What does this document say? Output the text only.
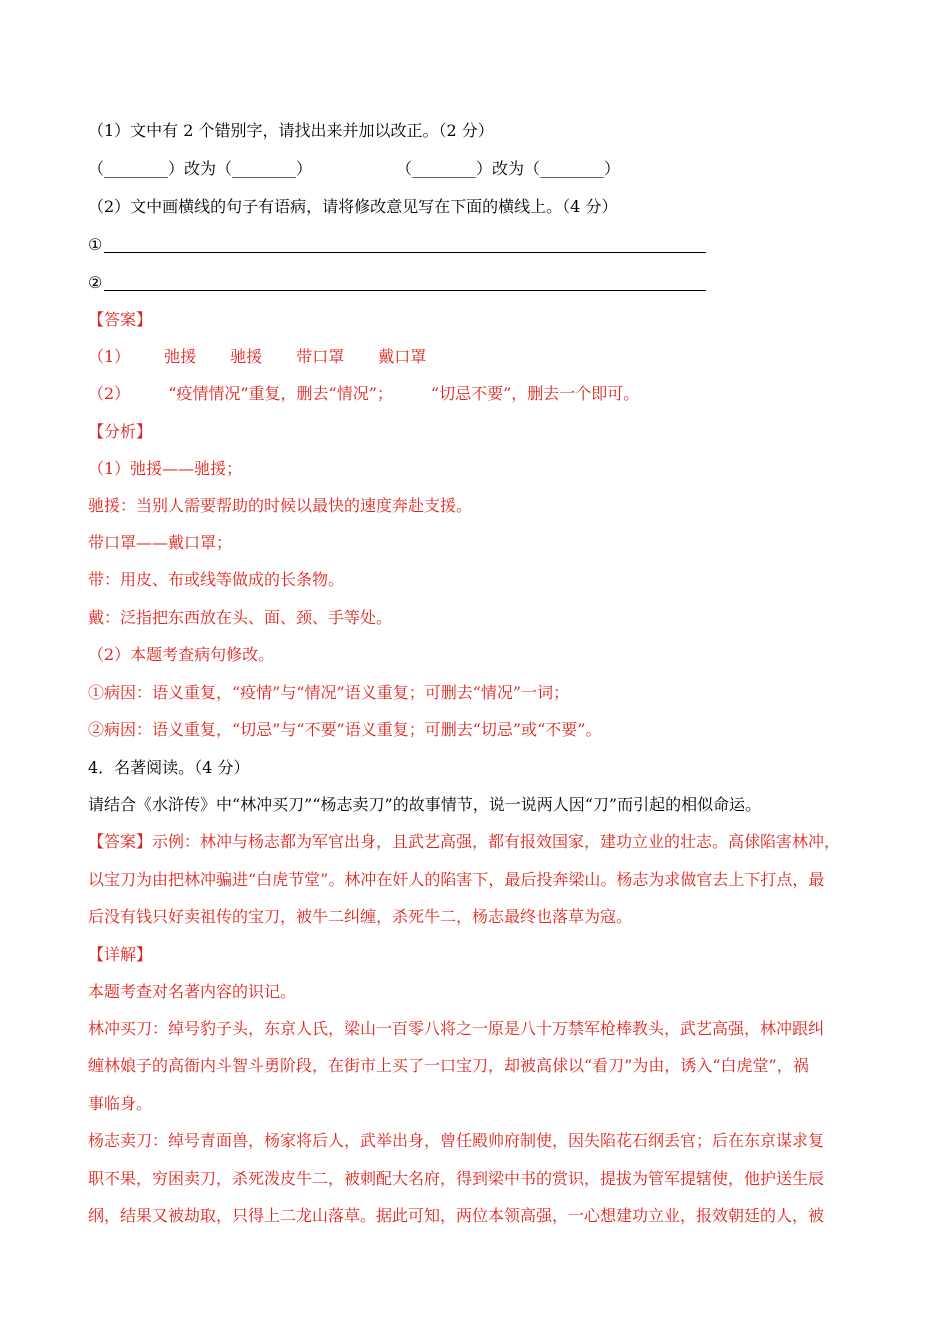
（1）文中有 2 个错别字，请找出来并加以改正。（2 分）

（________）改为（________）	（________）改为（________）

（2）文中画横线的句子有语病，请将修改意见写在下面的横线上。（4 分）

①

②

【答案】

（1） 弛援 驰援 带口罩 戴口罩

（2） “疫情情况”重复，删去“情况”； “切忌不要”，删去一个即可。

【分析】

（1）弛援——驰援；

驰援：当别人需要帮助的时候以最快的速度奔赴支援。

带口罩——戴口罩；

带：用皮、布或线等做成的长条物。

戴：泛指把东西放在头、面、颈、手等处。

（2）本题考查病句修改。

①病因：语义重复，“疫情”与“情况”语义重复；可删去“情况”一词；

②病因：语义重复，“切忌”与“不要”语义重复；可删去“切忌”或“不要”。

4．名著阅读。（4 分）

请结合《水浒传》中“林冲买刀”“杨志卖刀”的故事情节，说一说两人因“刀”而引起的相似命运。

【答案】示例：林冲与杨志都为军官出身，且武艺高强，都有报效国家，建功立业的壮志。高俅陷害林冲，

以宝刀为由把林冲骗进“白虎节堂”。林冲在奸人的陷害下，最后投奔梁山。杨志为求做官去上下打点，最

后没有钱只好卖祖传的宝刀，被牛二纠缠，杀死牛二，杨志最终也落草为寇。

【详解】

本题考查对名著内容的识记。

林冲买刀：绰号豹子头，东京人氏，梁山一百零八将之一原是八十万禁军枪棒教头，武艺高强，林冲跟纠

缠林娘子的高衙内斗智斗勇阶段，在街市上买了一口宝刀，却被高俅以“看刀”为由，诱入“白虎堂”，祸

事临身。

杨志卖刀：绰号青面兽，杨家将后人，武举出身，曾任殿帅府制使，因失陷花石纲丢官；后在东京谋求复

职不果，穷困卖刀，杀死泼皮牛二，被刺配大名府，得到梁中书的赏识，提拔为管军提辖使，他护送生辰

纲，结果又被劫取，只得上二龙山落草。据此可知，两位本领高强，一心想建功立业，报效朝廷的人，被
